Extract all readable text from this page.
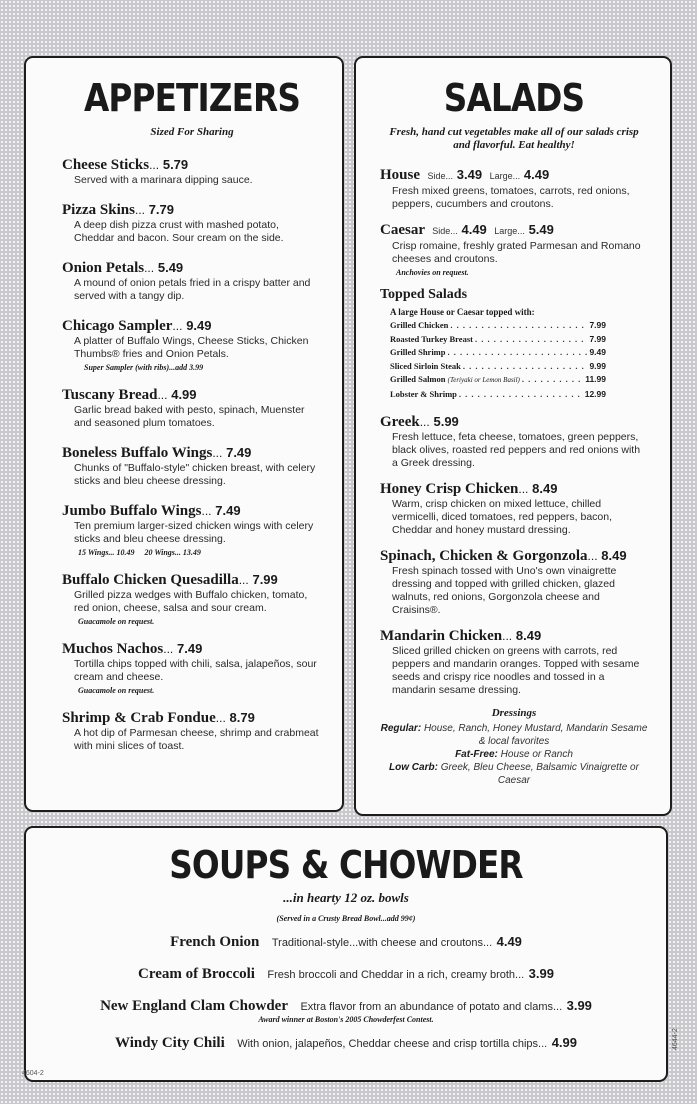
APPETIZERS
Sized For Sharing
Cheese Sticks... 5.79
Served with a marinara dipping sauce.
Pizza Skins... 7.79
A deep dish pizza crust with mashed potato, Cheddar and bacon. Sour cream on the side.
Onion Petals... 5.49
A mound of onion petals fried in a crispy batter and served with a tangy dip.
Chicago Sampler... 9.49
A platter of Buffalo Wings, Cheese Sticks, Chicken Thumbs® fries and Onion Petals.
Super Sampler (with ribs)...add 3.99
Tuscany Bread... 4.99
Garlic bread baked with pesto, spinach, Muenster and seasoned plum tomatoes.
Boneless Buffalo Wings... 7.49
Chunks of "Buffalo-style" chicken breast, with celery sticks and bleu cheese dressing.
Jumbo Buffalo Wings... 7.49
Ten premium larger-sized chicken wings with celery sticks and bleu cheese dressing.
15 Wings... 10.49     20 Wings... 13.49
Buffalo Chicken Quesadilla... 7.99
Grilled pizza wedges with Buffalo chicken, tomato, red onion, cheese, salsa and sour cream.
Guacamole on request.
Muchos Nachos... 7.49
Tortilla chips topped with chili, salsa, jalapeños, sour cream and cheese.
Guacamole on request.
Shrimp & Crab Fondue... 8.79
A hot dip of Parmesan cheese, shrimp and crabmeat with mini slices of toast.
SALADS
Fresh, hand cut vegetables make all of our salads crisp and flavorful. Eat healthy!
House Side... 3.49 Large... 4.49
Fresh mixed greens, tomatoes, carrots, red onions, peppers, cucumbers and croutons.
Caesar Side... 4.49 Large... 5.49
Crisp romaine, freshly grated Parmesan and Romano cheeses and croutons.
Anchovies on request.
Topped Salads
A large House or Caesar topped with:
Grilled Chicken . . .	7.99
Roasted Turkey Breast . . .	7.99
Grilled Shrimp . . .	9.49
Sliced Sirloin Steak . . .	9.99
Grilled Salmon (Teriyaki or Lemon Basil) . . .	11.99
Lobster & Shrimp . . .	12.99
Greek... 5.99
Fresh lettuce, feta cheese, tomatoes, green peppers, black olives, roasted red peppers and red onions with a Greek dressing.
Honey Crisp Chicken... 8.49
Warm, crisp chicken on mixed lettuce, chilled vermicelli, diced tomatoes, red peppers, bacon, Cheddar and honey mustard dressing.
Spinach, Chicken & Gorgonzola... 8.49
Fresh spinach tossed with Uno's own vinaigrette dressing and topped with grilled chicken, glazed walnuts, red onions, Gorgonzola cheese and Craisins®.
Mandarin Chicken... 8.49
Sliced grilled chicken on greens with carrots, red peppers and mandarin oranges. Topped with sesame seeds and crispy rice noodles and tossed in a mandarin sesame dressing.
Dressings
Regular: House, Ranch, Honey Mustard, Mandarin Sesame & local favorites
Fat-Free: House or Ranch
Low Carb: Greek, Bleu Cheese, Balsamic Vinaigrette or Caesar
SOUPS & CHOWDER
...in hearty 12 oz. bowls
(Served in a Crusty Bread Bowl...add 99¢)
French Onion Traditional-style...with cheese and croutons... 4.49
Cream of Broccoli Fresh broccoli and Cheddar in a rich, creamy broth... 3.99
New England Clam Chowder Extra flavor from an abundance of potato and clams... 3.99
Award winner at Boston's 2005 Chowderfest Contest.
Windy City Chili With onion, jalapeños, Cheddar cheese and crisp tortilla chips... 4.99
4604-2
4644-2
